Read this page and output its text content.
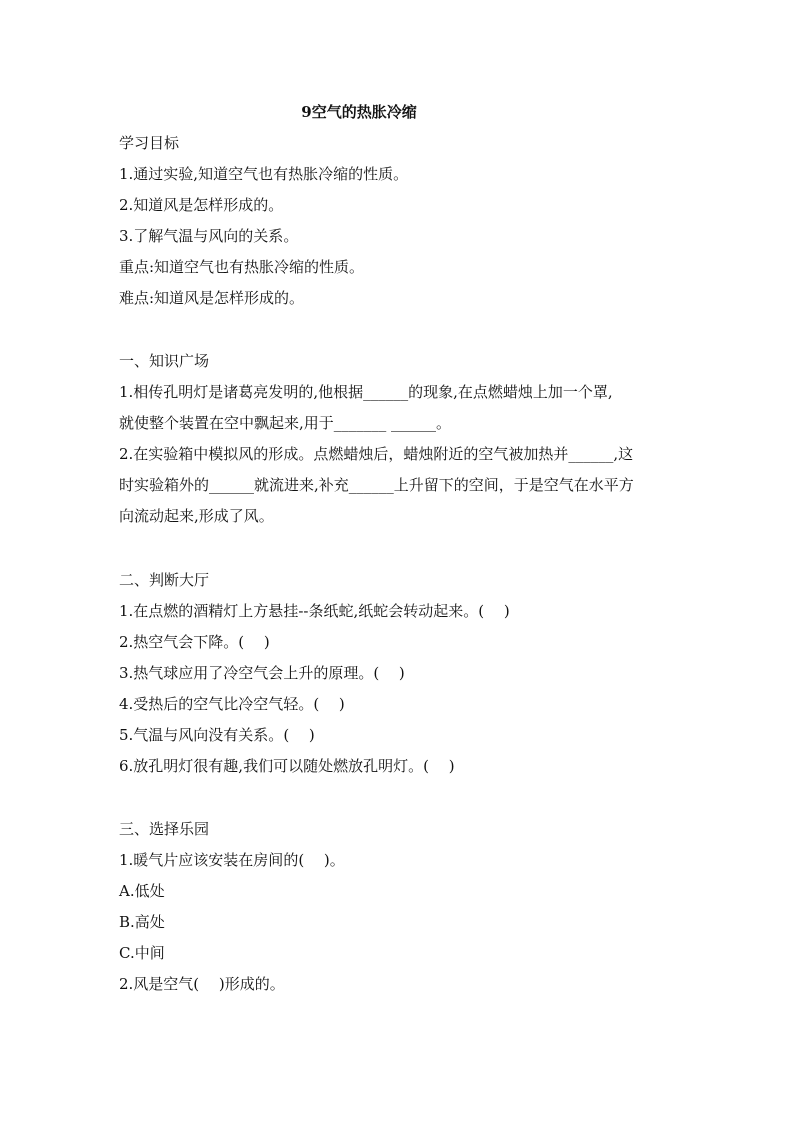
9空气的热胀冷缩
学习目标
1.通过实验,知道空气也有热胀冷缩的性质。
2.知道风是怎样形成的。
3.了解气温与风向的关系。
重点:知道空气也有热胀冷缩的性质。
难点:知道风是怎样形成的。
一、知识广场
1.相传孔明灯是诸葛亮发明的,他根据______的现象,在点燃蜡烛上加一个罩,
就使整个装置在空中飘起来,用于_______ ______。
2.在实验箱中模拟风的形成。点燃蜡烛后，蜡烛附近的空气被加热并______,这
时实验箱外的______就流进来,补充______上升留下的空间，于是空气在水平方
向流动起来,形成了风。
二、判断大厅
1.在点燃的酒精灯上方悬挂--条纸蛇,纸蛇会转动起来。(　 )
2.热空气会下降。(　 )
3.热气球应用了冷空气会上升的原理。(　 )
4.受热后的空气比冷空气轻。(　 )
5.气温与风向没有关系。(　 )
6.放孔明灯很有趣,我们可以随处燃放孔明灯。(　 )
三、选择乐园
1.暖气片应该安装在房间的(　 )。
A.低处
B.高处
C.中间
2.风是空气(　 )形成的。
